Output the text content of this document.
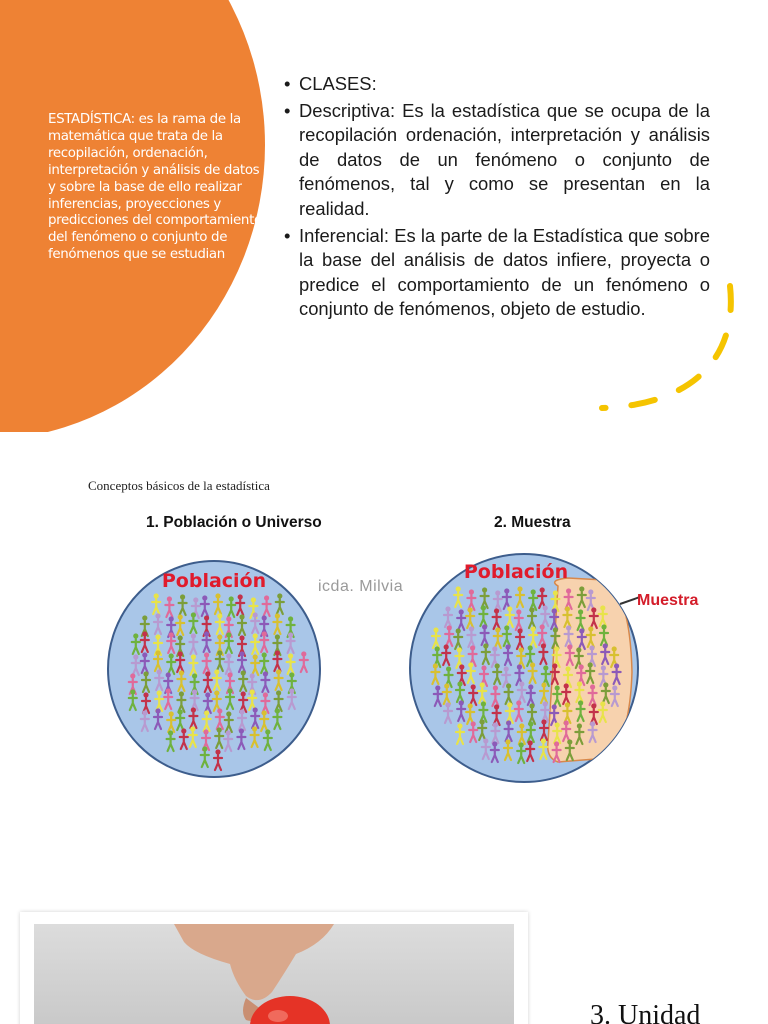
ESTADÍSTICA: es la rama de la matemática que trata de la recopilación, ordenación, interpretación y análisis de datos y sobre la base de ello realizar inferencias, proyecciones y predicciones del comportamiento del fenómeno o conjunto de fenómenos que se estudian
• CLASES:
• Descriptiva: Es la estadística que se ocupa de la recopilación ordenación, interpretación y análisis de datos de un fenómeno o conjunto de fenómenos, tal y como se presentan en la realidad.
• Inferencial: Es la parte de la Estadística que sobre la base del análisis de datos infiere, proyecta o predice el comportamiento de un fenómeno o conjunto de fenómenos, objeto de estudio.
Conceptos básicos de la estadística
1. Población o Universo	2. Muestra
icda. Milvia
Población	Población
Muestra
3. Unidad
